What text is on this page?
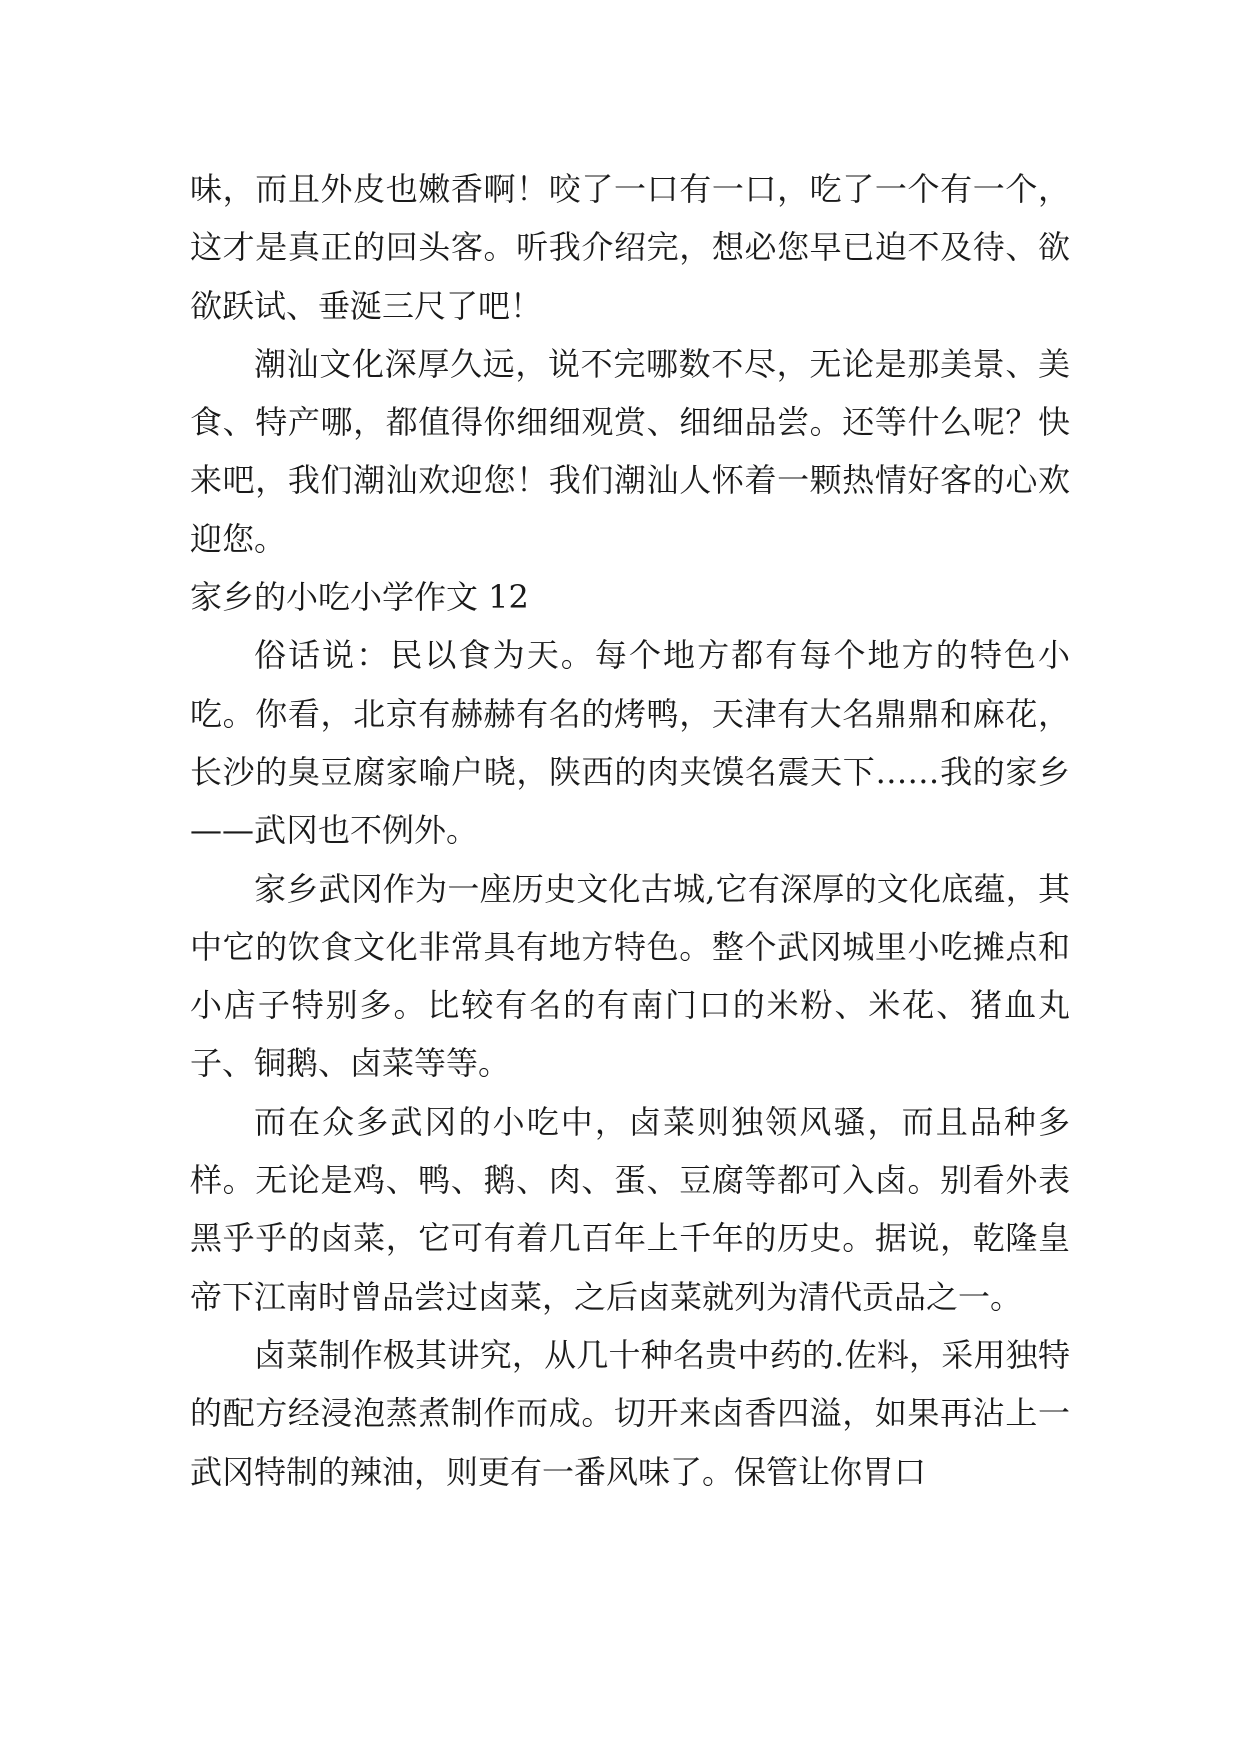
味，而且外皮也嫩香啊！咬了一口有一口，吃了一个有一个，这才是真正的回头客。听我介绍完，想必您早已迫不及待、欲欲跃试、垂涎三尺了吧！

潮汕文化深厚久远，说不完哪数不尽，无论是那美景、美食、特产哪，都值得你细细观赏、细细品尝。还等什么呢？快来吧，我们潮汕欢迎您！我们潮汕人怀着一颗热情好客的心欢迎您。

家乡的小吃小学作文 12

俗话说：民以食为天。每个地方都有每个地方的特色小吃。你看，北京有赫赫有名的烤鸭，天津有大名鼎鼎和麻花，长沙的臭豆腐家喻户晓，陕西的肉夹馍名震天下……我的家乡——武冈也不例外。

家乡武冈作为一座历史文化古城,它有深厚的文化底蕴，其中它的饮食文化非常具有地方特色。整个武冈城里小吃摊点和小店子特别多。比较有名的有南门口的米粉、米花、猪血丸子、铜鹅、卤菜等等。

而在众多武冈的小吃中，卤菜则独领风骚，而且品种多样。无论是鸡、鸭、鹅、肉、蛋、豆腐等都可入卤。别看外表黑乎乎的卤菜，它可有着几百年上千年的历史。据说，乾隆皇帝下江南时曾品尝过卤菜，之后卤菜就列为清代贡品之一。

卤菜制作极其讲究，从几十种名贵中药的.佐料，采用独特的配方经浸泡蒸煮制作而成。切开来卤香四溢，如果再沾上一武冈特制的辣油，则更有一番风味了。保管让你胃口
